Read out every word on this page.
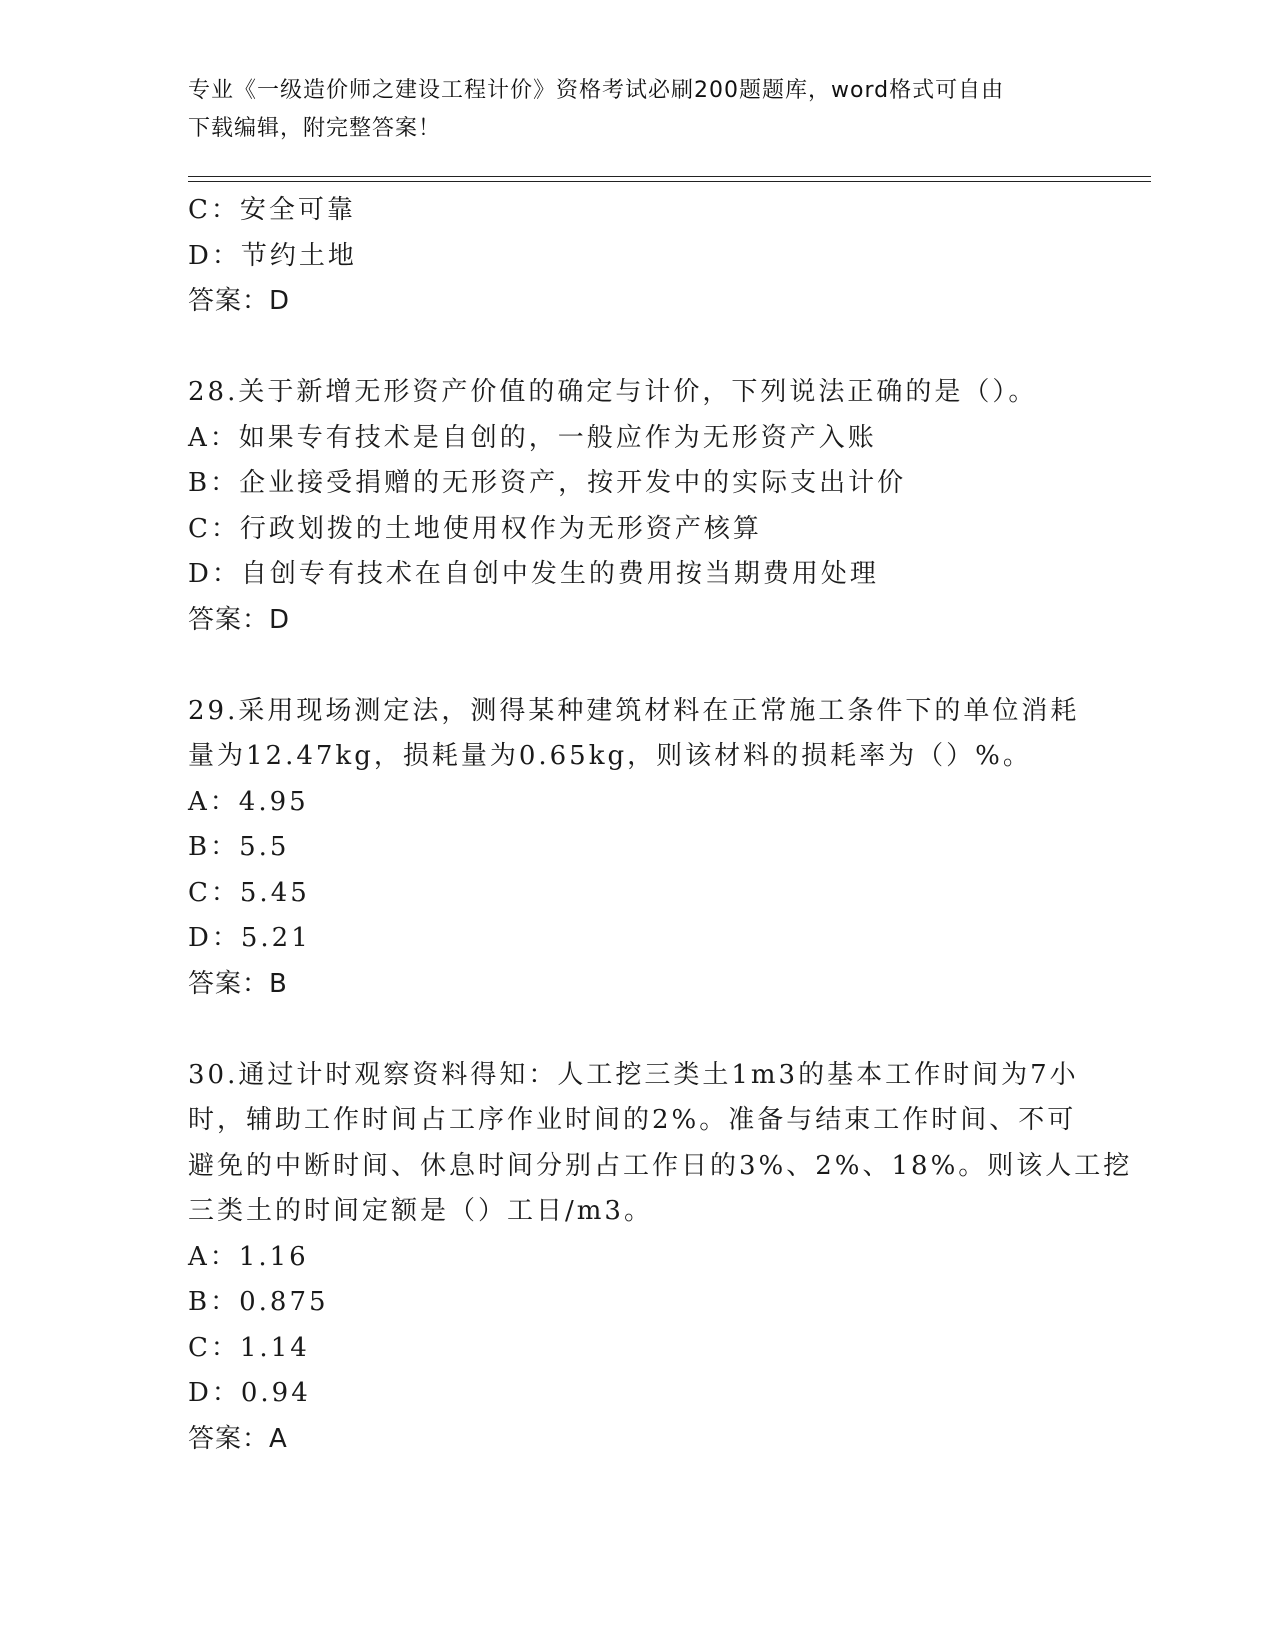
专业《一级造价师之建设工程计价》资格考试必刷200题题库，word格式可自由
下载编辑，附完整答案！
C：安全可靠
D：节约土地
答案：D
28.关于新增无形资产价值的确定与计价，下列说法正确的是（）。
A：如果专有技术是自创的，一般应作为无形资产入账
B：企业接受捐赠的无形资产，按开发中的实际支出计价
C：行政划拨的土地使用权作为无形资产核算
D：自创专有技术在自创中发生的费用按当期费用处理
答案：D
29.采用现场测定法，测得某种建筑材料在正常施工条件下的单位消耗
量为12.47kg，损耗量为0.65kg，则该材料的损耗率为（）%。
A：4.95
B：5.5
C：5.45
D：5.21
答案：B
30.通过计时观察资料得知：人工挖三类土1m3的基本工作时间为7小
时，辅助工作时间占工序作业时间的2%。准备与结束工作时间、不可
避免的中断时间、休息时间分别占工作日的3%、2%、18%。则该人工挖
三类土的时间定额是（）工日/m3。
A：1.16
B：0.875
C：1.14
D：0.94
答案：A
